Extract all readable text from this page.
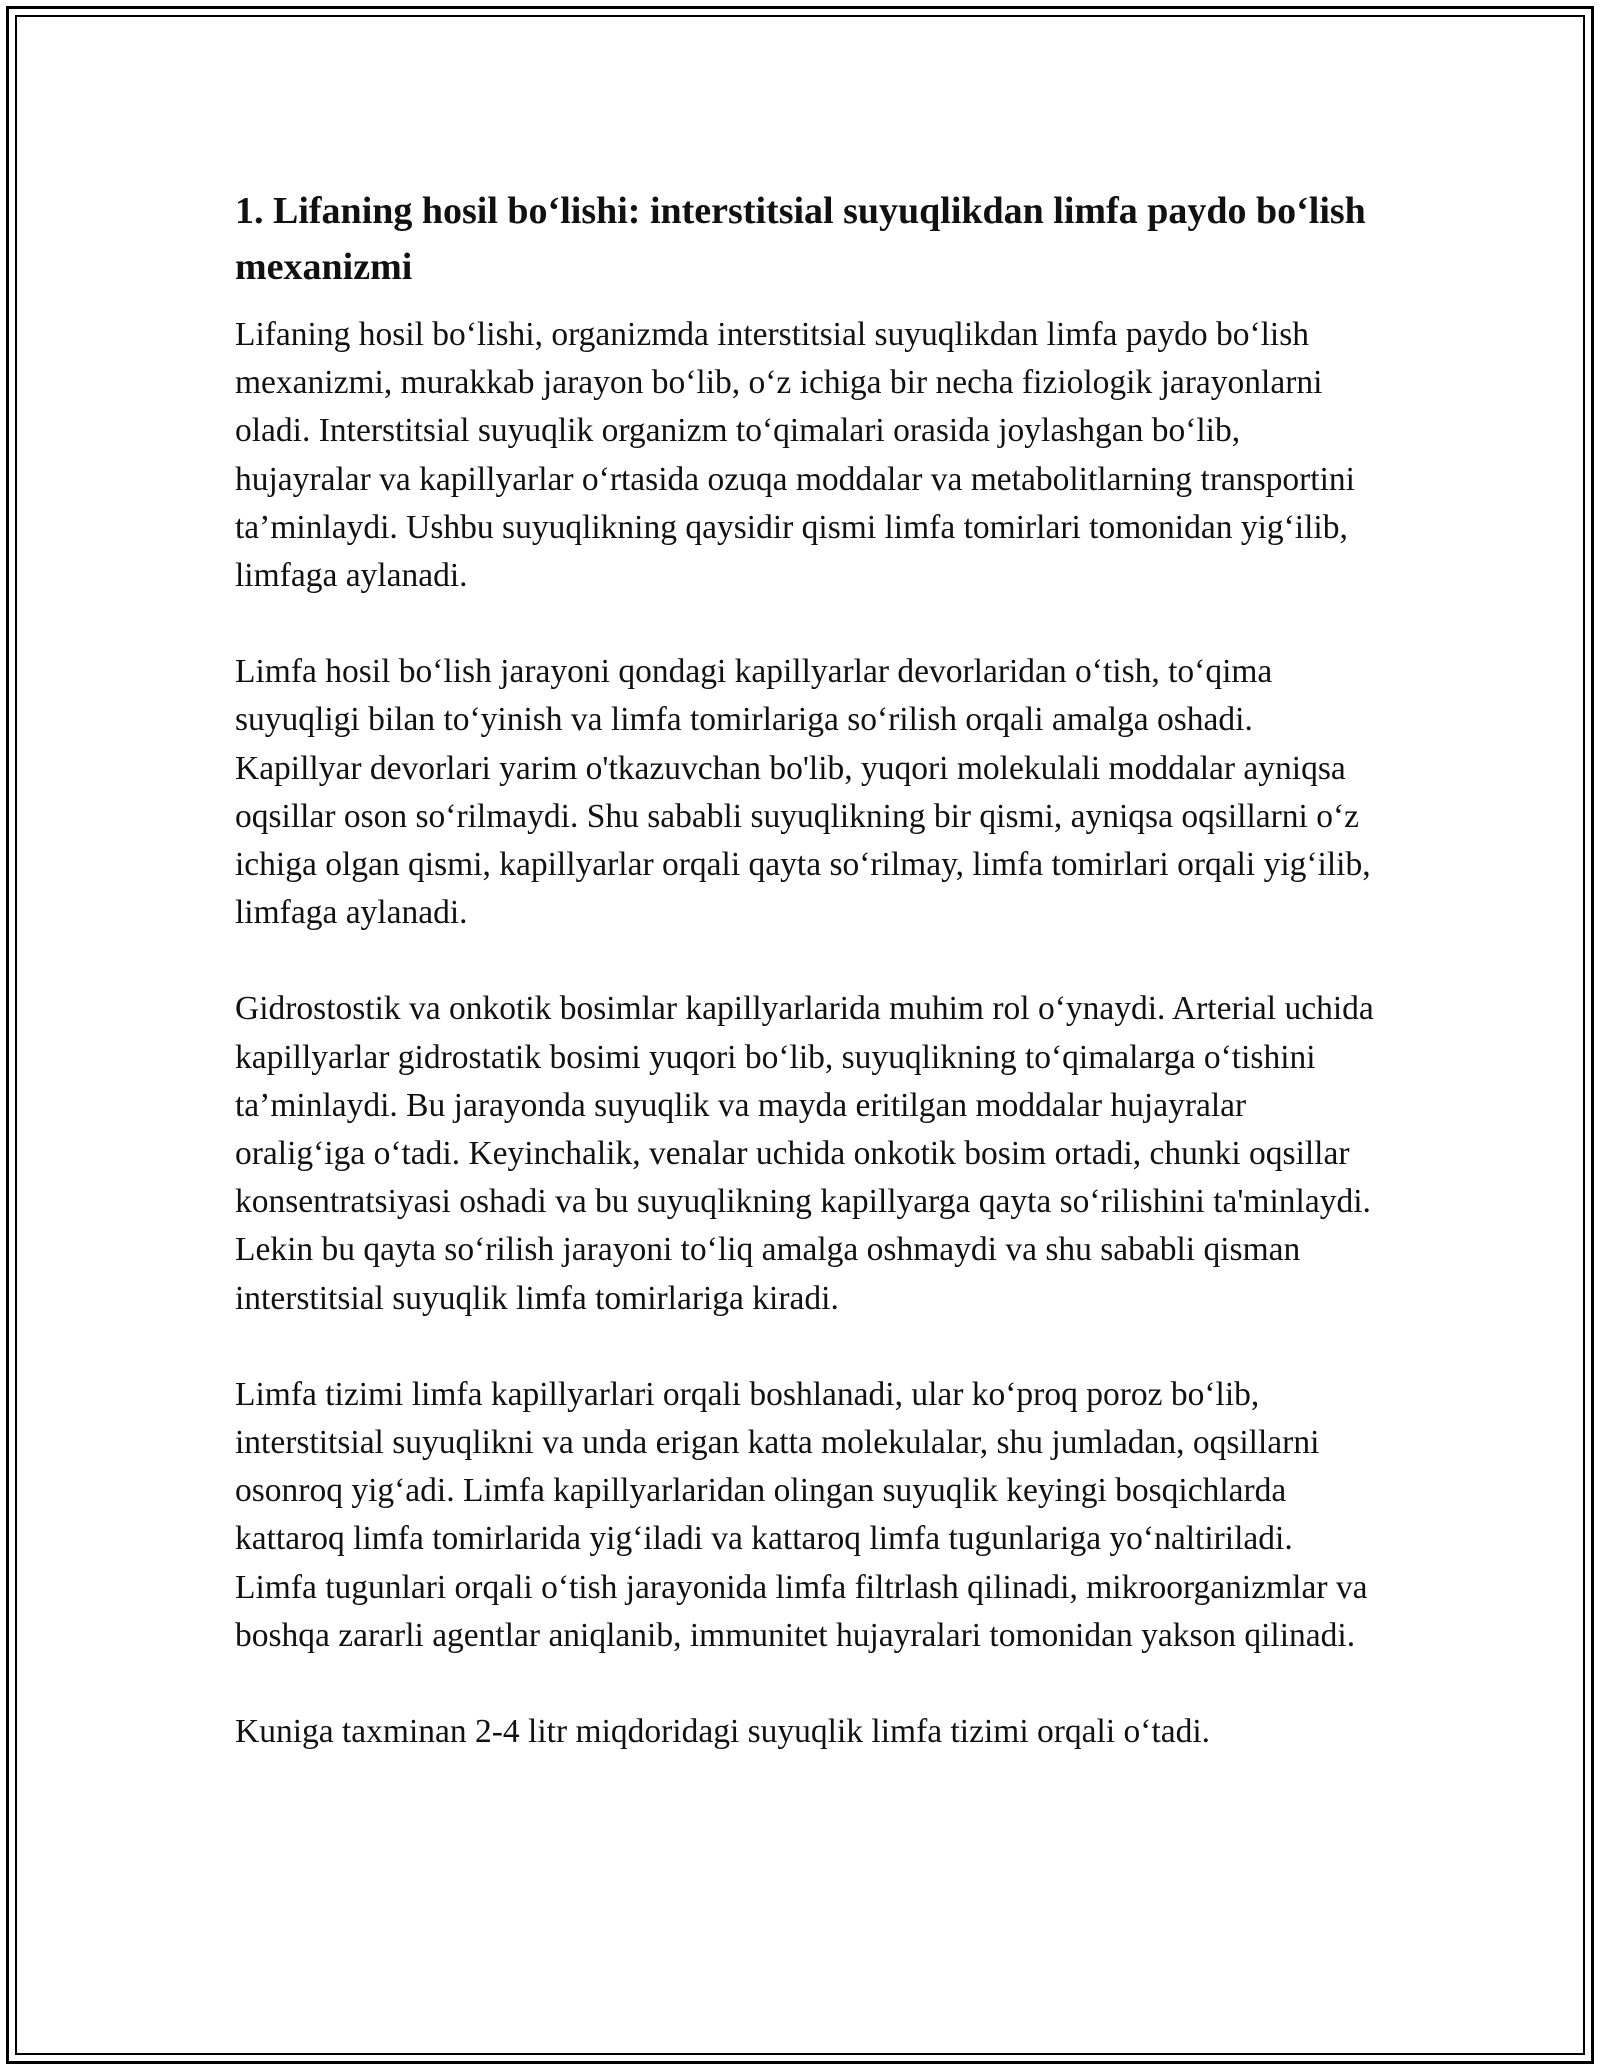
1. Lifaning hosil bo‘lishi: interstitsial suyuqlikdan limfa paydo bo‘lish mexanizmi

Lifaning hosil bo‘lishi, organizmda interstitsial suyuqlikdan limfa paydo bo‘lish mexanizmi, murakkab jarayon bo‘lib, o‘z ichiga bir necha fiziologik jarayonlarni oladi. Interstitsial suyuqlik organizm to‘qimalari orasida joylashgan bo‘lib, hujayralar va kapillyarlar o‘rtasida ozuqa moddalar va metabolitlarning transportini ta’minlaydi. Ushbu suyuqlikning qaysidir qismi limfa tomirlari tomonidan yig‘ilib, limfaga aylanadi.

Limfa hosil bo‘lish jarayoni qondagi kapillyarlar devorlaridan o‘tish, to‘qima suyuqligi bilan to‘yinish va limfa tomirlariga so‘rilish orqali amalga oshadi. Kapillyar devorlari yarim o'tkazuvchan bo'lib, yuqori molekulali moddalar ayniqsa oqsillar oson so‘rilmaydi. Shu sababli suyuqlikning bir qismi, ayniqsa oqsillarni o‘z ichiga olgan qismi, kapillyarlar orqali qayta so‘rilmay, limfa tomirlari orqali yig‘ilib, limfaga aylanadi.

Gidrostostik va onkotik bosimlar kapillyarlarida muhim rol o‘ynaydi. Arterial uchida kapillyarlar gidrostatik bosimi yuqori bo‘lib, suyuqlikning to‘qimalarga o‘tishini ta’minlaydi. Bu jarayonda suyuqlik va mayda eritilgan moddalar hujayralar oralig‘iga o‘tadi. Keyinchalik, venalar uchida onkotik bosim ortadi, chunki oqsillar konsentratsiyasi oshadi va bu suyuqlikning kapillyarga qayta so‘rilishini ta'minlaydi. Lekin bu qayta so‘rilish jarayoni to‘liq amalga oshmaydi va shu sababli qisman interstitsial suyuqlik limfa tomirlariga kiradi.

Limfa tizimi limfa kapillyarlari orqali boshlanadi, ular ko‘proq poroz bo‘lib, interstitsial suyuqlikni va unda erigan katta molekulalar, shu jumladan, oqsillarni osonroq yig‘adi. Limfa kapillyarlaridan olingan suyuqlik keyingi bosqichlarda kattaroq limfa tomirlarida yig‘iladi va kattaroq limfa tugunlariga yo‘naltiriladi. Limfa tugunlari orqali o‘tish jarayonida limfa filtrlash qilinadi, mikroorganizmlar va boshqa zararli agentlar aniqlanib, immunitet hujayralari tomonidan yakson qilinadi.

Kuniga taxminan 2-4 litr miqdoridagi suyuqlik limfa tizimi orqali o‘tadi.
